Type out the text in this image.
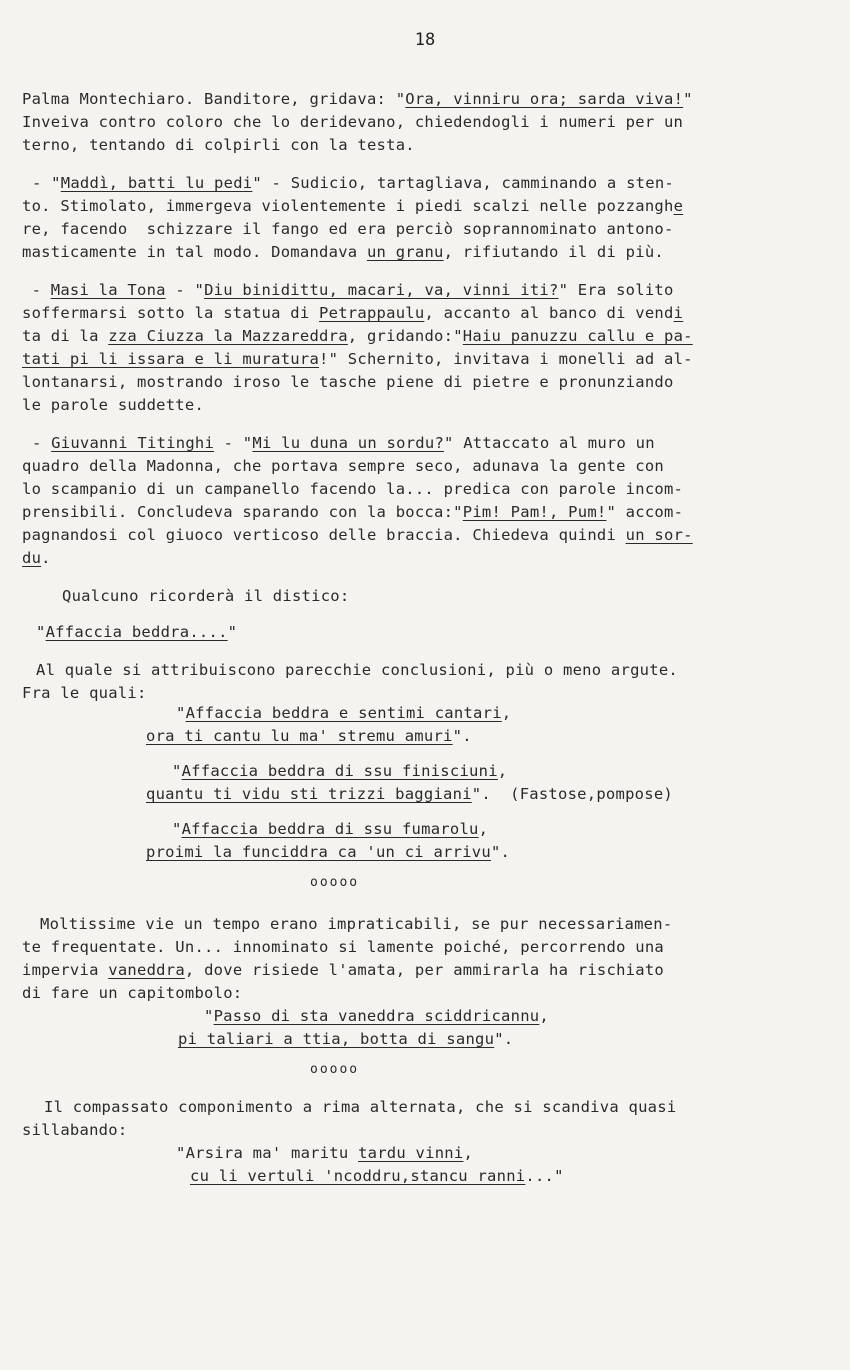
18
Palma Montechiaro. Banditore, gridava: "Ora, vinniru ora; sarda viva!"
Inveiva contro coloro che lo deridevano, chiedendogli i numeri per un
terno, tentando di colpirli con la testa.
- "Maddì, batti lu pedi" - Sudicio, tartagliava, camminando a sten-
to. Stimolato, immergeva violentemente i piedi scalzi nelle pozzanghe
re, facendo  schizzare il fango ed era perciò soprannominato antono-
masticamente in tal modo. Domandava un granu, rifiutando il di più.
- Masi la Tona - "Diu binidittu, macari, va, vinni iti?" Era solito
soffermarsi sotto la statua di Petrappaulu, accanto al banco di vendi
ta di la zza Ciuzza la Mazzareddra, gridando:"Haiu panuzzu callu e pa-
tati pi li issara e li muratura!" Schernito, invitava i monelli ad al-
lontanarsi, mostrando iroso le tasche piene di pietre e pronunziando
le parole suddette.
- Giuvanni Titinghi - "Mi lu duna un sordu?" Attaccato al muro un
quadro della Madonna, che portava sempre seco, adunava la gente con
lo scampanio di un campanello facendo la... predica con parole incom-
prensibili. Concludeva sparando con la bocca:"Pim! Pam!, Pum!" accom-
pagnandosi col giuoco verticoso delle braccia. Chiedeva quindi un sor-
du.
Qualcuno ricorderà il distico:
"Affaccia beddra...."
Al quale si attribuiscono parecchie conclusioni, più o meno argute.
Fra le quali:
"Affaccia beddra e sentimi cantari,
ora ti cantu lu ma' stremu amuri".
"Affaccia beddra di ssu finisciuni,
quantu ti vidu sti trizzi baggiani".  (Fastose,pompose)
"Affaccia beddra di ssu fumarolu,
proimi la funciddra ca 'un ci arrivu".
Moltissime vie un tempo erano impraticabili, se pur necessariamen-
te frequentate. Un... innominato si lamente poiché, percorrendo una
impervia vaneddra, dove risiede l'amata, per ammirarla ha rischiato
di fare un capitombolo:
"Passo di sta vaneddra sciddricannu,
pi taliari a ttia, botta di sangu".
Il compassato componimento a rima alternata, che si scandiva quasi
sillabando:
"Arsira ma' maritu tardu vinni,
cu li vertuli 'ncoddru,stancu ranni..."
ooooo
ooooo
